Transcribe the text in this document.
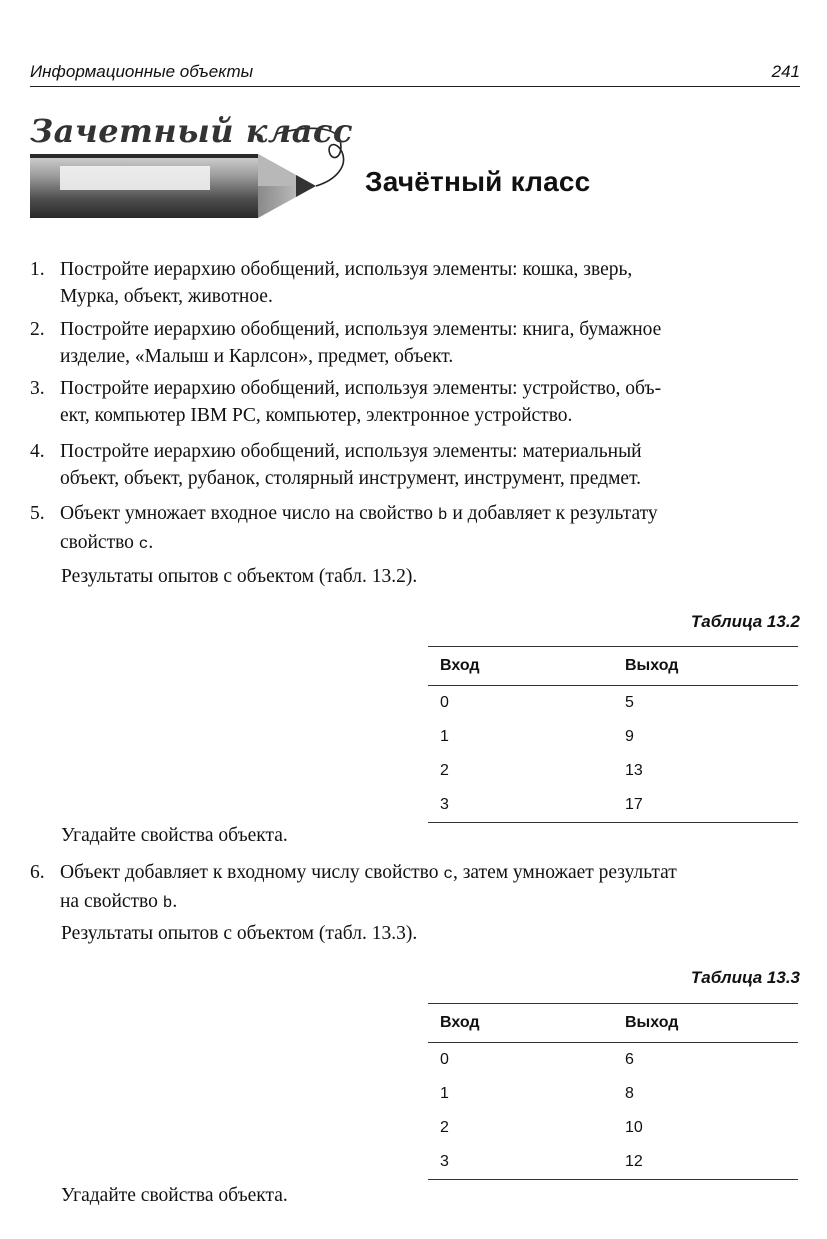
Информационные объекты	241
Зачетный класс
Зачётный класс
1. Постройте иерархию обобщений, используя элементы: кошка, зверь,
Мурка, объект, животное.
2. Постройте иерархию обобщений, используя элементы: книга, бумажное
изделие, «Малыш и Карлсон», предмет, объект.
3. Постройте иерархию обобщений, используя элементы: устройство, объ-
ект, компьютер IBM PC, компьютер, электронное устройство.
4. Постройте иерархию обобщений, используя элементы: материальный
объект, объект, рубанок, столярный инструмент, инструмент, предмет.
5. Объект умножает входное число на свойство b и добавляет к результату
свойство c.
Результаты опытов с объектом (табл. 13.2).
Таблица 13.2
Вход	Выход
0	5
1	9
2	13
3	17
Угадайте свойства объекта.
6. Объект добавляет к входному числу свойство c, затем умножает результат
на свойство b.
Результаты опытов с объектом (табл. 13.3).
Таблица 13.3
Вход	Выход
0	6
1	8
2	10
3	12
Угадайте свойства объекта.
